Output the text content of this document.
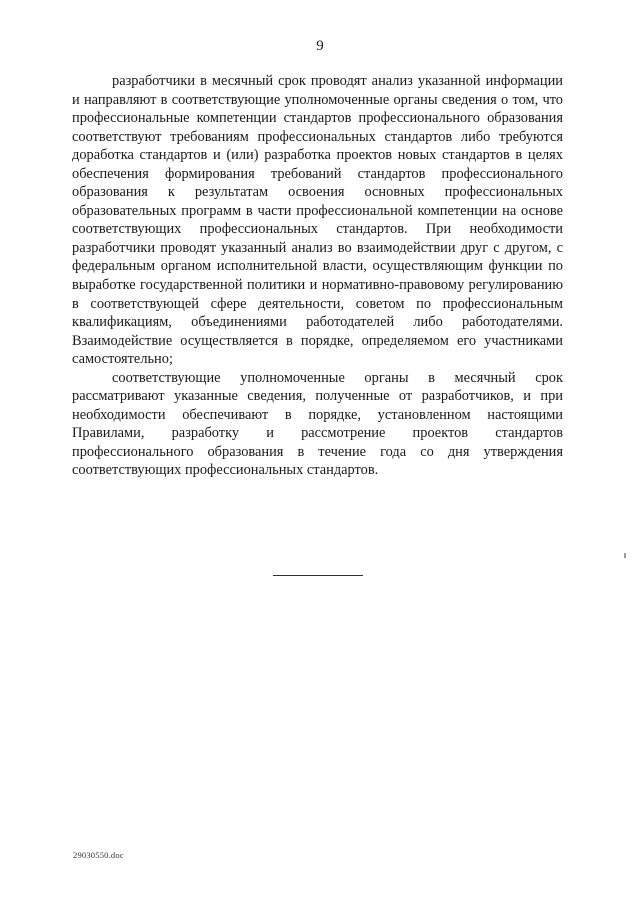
9

разработчики в месячный срок проводят анализ указанной информации и направляют в соответствующие уполномоченные органы сведения о том, что профессиональные компетенции стандартов профессионального образования соответствуют требованиям профессиональных стандартов либо требуются доработка стандартов и (или) разработка проектов новых стандартов в целях обеспечения формирования требований стандартов профессионального образования к результатам освоения основных профессиональных образовательных программ в части профессиональной компетенции на основе соответствующих профессиональных стандартов. При необходимости разработчики проводят указанный анализ во взаимодействии друг с другом, с федеральным органом исполнительной власти, осуществляющим функции по выработке государственной политики и нормативно-правовому регулированию в соответствующей сфере деятельности, советом по профессиональным квалификациям, объединениями работодателей либо работодателями. Взаимодействие осуществляется в порядке, определяемом его участниками самостоятельно;

соответствующие уполномоченные органы в месячный срок рассматривают указанные сведения, полученные от разработчиков, и при необходимости обеспечивают в порядке, установленном настоящими Правилами, разработку и рассмотрение проектов стандартов профессионального образования в течение года со дня утверждения соответствующих профессиональных стандартов.

29030550.doc
